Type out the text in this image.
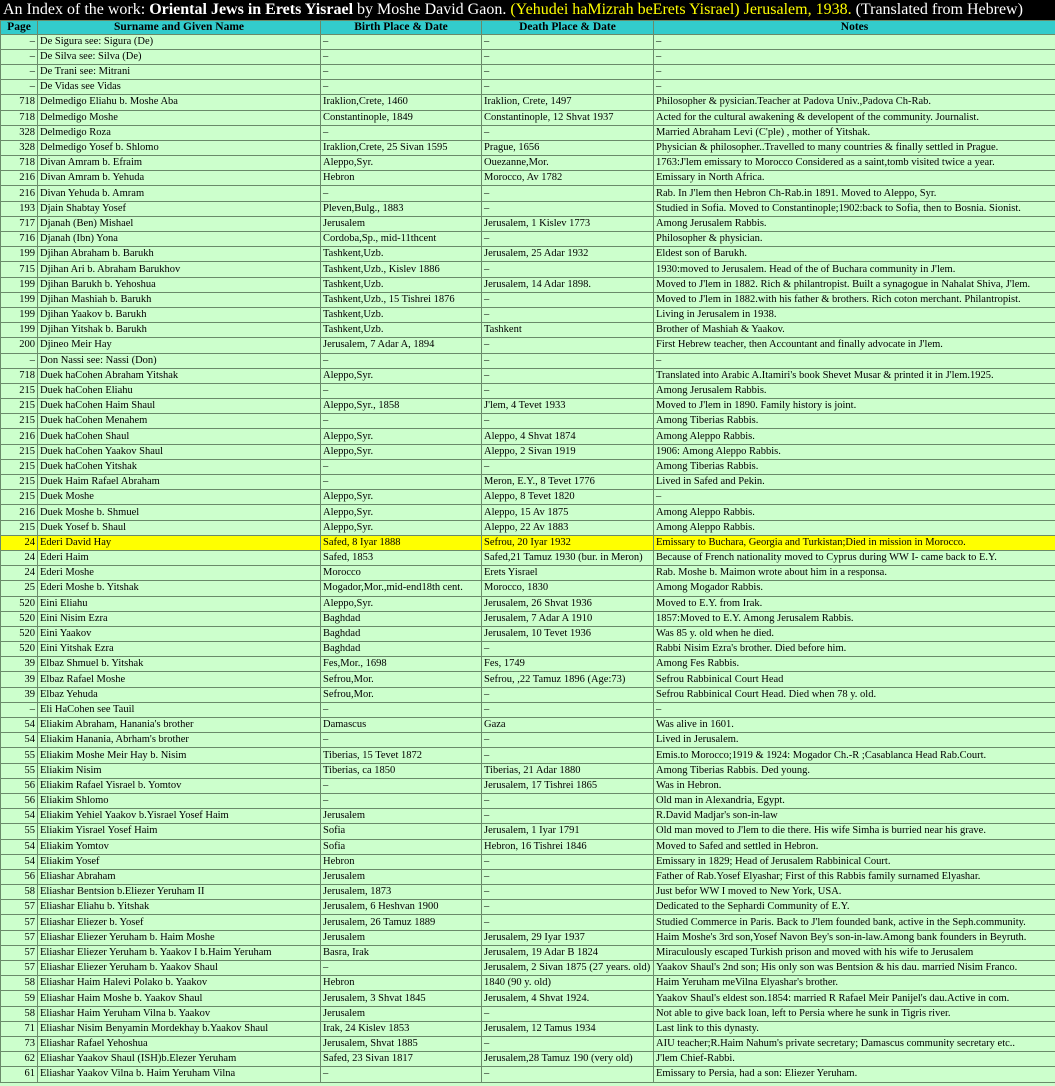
An Index of the work: Oriental Jews in Erets Yisrael by Moshe David Gaon. (Yehudei haMizrah beErets Yisrael) Jerusalem, 1938. (Translated from Hebrew)
Page	Surname and Given Name	Birth Place & Date	Death Place & Date	Notes
–	De Sigura see: Sigura (De)	–	–	–
–	De Silva see: Silva (De)	–	–	–
–	De Trani see: Mitrani	–	–	–
–	De Vidas see Vidas	–	–	–
718	Delmedigo Eliahu b. Moshe Aba	Iraklion,Crete, 1460	Iraklion, Crete, 1497	Philosopher & pysician.Teacher at Padova Univ.,Padova Ch-Rab.
718	Delmedigo Moshe	Constantinople, 1849	Constantinople, 12 Shvat 1937	Acted for the cultural awakening & developent of the community. Journalist.
328	Delmedigo Roza	–	–	Married Abraham Levi (C'ple) , mother of Yitshak.
328	Delmedigo Yosef b. Shlomo	Iraklion,Crete, 25 Sivan 1595	Prague, 1656	Physician & philosopher..Travelled to many countries & finally settled in Prague.
718	Divan Amram b. Efraim	Aleppo,Syr.	Ouezanne,Mor.	1763:J'lem emissary to Morocco Considered as a saint,tomb visited twice a year.
216	Divan Amram b. Yehuda	Hebron	Morocco, Av 1782	Emissary in North Africa.
216	Divan Yehuda b. Amram	–	–	Rab. In J'lem then Hebron Ch-Rab.in 1891. Moved to Aleppo, Syr.
193	Djain Shabtay Yosef	Pleven,Bulg., 1883	–	Studied in Sofia. Moved to Constantinople;1902:back to Sofia, then to Bosnia. Sionist.
717	Djanah (Ben) Mishael	Jerusalem	Jerusalem, 1 Kislev 1773	Among Jerusalem Rabbis.
716	Djanah (Ibn) Yona	Cordoba,Sp., mid-11thcent	–	Philosopher & physician.
199	Djihan Abraham b. Barukh	Tashkent,Uzb.	Jerusalem, 25 Adar 1932	Eldest son of Barukh.
715	Djihan Ari b. Abraham Barukhov	Tashkent,Uzb., Kislev 1886	–	1930:moved to Jerusalem. Head of the of Buchara community in J'lem.
199	Djihan Barukh b. Yehoshua	Tashkent,Uzb.	Jerusalem, 14 Adar 1898.	Moved to J'lem in 1882. Rich & philantropist. Built a synagogue in Nahalat Shiva, J'lem.
199	Djihan Mashiah b. Barukh	Tashkent,Uzb., 15 Tishrei 1876	–	Moved to J'lem in 1882.with his father & brothers. Rich coton merchant. Philantropist.
199	Djihan Yaakov b. Barukh	Tashkent,Uzb.	–	Living in Jerusalem in 1938.
199	Djihan Yitshak b. Barukh	Tashkent,Uzb.	Tashkent	Brother of Mashiah & Yaakov.
200	Djineo Meir Hay	Jerusalem, 7 Adar A, 1894	–	First Hebrew teacher, then Accountant and finally advocate in J'lem.
–	Don Nassi see: Nassi (Don)	–	–	–
718	Duek haCohen Abraham Yitshak	Aleppo,Syr.	–	Translated into Arabic A.Itamiri's book Shevet Musar & printed it in J'lem.1925.
215	Duek haCohen Eliahu	–	–	Among Jerusalem Rabbis.
215	Duek haCohen Haim Shaul	Aleppo,Syr., 1858	J'lem, 4 Tevet 1933	Moved to J'lem in 1890. Family history is joint.
215	Duek haCohen Menahem	–	–	Among Tiberias Rabbis.
216	Duek haCohen Shaul	Aleppo,Syr.	Aleppo, 4 Shvat 1874	Among Aleppo Rabbis.
215	Duek haCohen Yaakov Shaul	Aleppo,Syr.	Aleppo, 2 Sivan 1919	1906: Among Aleppo Rabbis.
215	Duek haCohen Yitshak	–	–	Among Tiberias Rabbis.
215	Duek Haim Rafael Abraham	–	Meron, E.Y., 8 Tevet 1776	Lived in Safed and Pekin.
215	Duek Moshe	Aleppo,Syr.	Aleppo, 8 Tevet 1820	–
216	Duek Moshe b. Shmuel	Aleppo,Syr.	Aleppo, 15 Av 1875	Among Aleppo Rabbis.
215	Duek Yosef b. Shaul	Aleppo,Syr.	Aleppo, 22 Av 1883	Among Aleppo Rabbis.
24	Ederi David Hay	Safed, 8 Iyar 1888	Sefrou, 20 Iyar 1932	Emissary to Buchara, Georgia and Turkistan;Died in mission in Morocco.
24	Ederi Haim	Safed, 1853	Safed,21 Tamuz 1930 (bur. in Meron)	Because of French nationality moved to Cyprus during WW I- came back to E.Y.
24	Ederi Moshe	Morocco	Erets Yisrael	Rab. Moshe b. Maimon wrote about him in a responsa.
25	Ederi Moshe b. Yitshak	Mogador,Mor.,mid-end18th cent.	Morocco, 1830	Among Mogador Rabbis.
520	Eini Eliahu	Aleppo,Syr.	Jerusalem, 26 Shvat 1936	Moved to E.Y. from Irak.
520	Eini Nisim Ezra	Baghdad	Jerusalem, 7 Adar A 1910	1857:Moved to E.Y. Among Jerusalem Rabbis.
520	Eini Yaakov	Baghdad	Jerusalem, 10 Tevet 1936	Was 85 y. old when he died.
520	Eini Yitshak Ezra	Baghdad	–	Rabbi Nisim Ezra's brother. Died before him.
39	Elbaz Shmuel b. Yitshak	Fes,Mor., 1698	Fes, 1749	Among Fes Rabbis.
39	Elbaz Rafael Moshe	Sefrou,Mor.	Sefrou, ,22 Tamuz 1896 (Age:73)	Sefrou Rabbinical Court Head
39	Elbaz Yehuda	Sefrou,Mor.	–	Sefrou Rabbinical Court Head. Died when 78 y. old.
–	Eli HaCohen see Tauil	–	–	–
54	Eliakim Abraham, Hanania's brother	Damascus	Gaza	Was alive in 1601.
54	Eliakim Hanania, Abrham's brother	–	–	Lived in Jerusalem.
55	Eliakim Moshe Meir Hay b. Nisim	Tiberias, 15 Tevet 1872	–	Emis.to Morocco;1919 & 1924: Mogador Ch.-R ;Casablanca Head Rab.Court.
55	Eliakim Nisim	Tiberias, ca 1850	Tiberias, 21 Adar 1880	Among Tiberias Rabbis. Ded young.
56	Eliakim Rafael Yisrael b. Yomtov	–	Jerusalem, 17 Tishrei 1865	Was in Hebron.
56	Eliakim Shlomo	–	–	Old man in Alexandria, Egypt.
54	Eliakim Yehiel Yaakov b.Yisrael Yosef Haim	Jerusalem	–	R.David Madjar's son-in-law
55	Eliakim Yisrael Yosef Haim	Sofia	Jerusalem, 1 Iyar 1791	Old man moved to J'lem to die there. His wife Simha is burried near his grave.
54	Eliakim Yomtov	Sofia	Hebron, 16 Tishrei 1846	Moved to Safed and settled in Hebron.
54	Eliakim Yosef	Hebron	–	Emissary in 1829; Head of Jerusalem Rabbinical Court.
56	Eliashar Abraham	Jerusalem	–	Father of Rab.Yosef Elyashar; First of this Rabbis family surnamed Elyashar.
58	Eliashar Bentsion b.Eliezer Yeruham II	Jerusalem, 1873	–	Just befor WW I moved to New York, USA.
57	Eliashar Eliahu b. Yitshak	Jerusalem, 6 Heshvan 1900	–	Dedicated to the Sephardi Community of E.Y.
57	Eliashar Eliezer b. Yosef	Jerusalem, 26 Tamuz 1889	–	Studied Commerce in Paris. Back to J'lem founded bank, active in the Seph.community.
57	Eliashar Eliezer Yeruham b. Haim Moshe	Jerusalem	Jerusalem, 29 Iyar 1937	Haim Moshe's 3rd son,Yosef Navon Bey's son-in-law.Among bank founders in Beyruth.
57	Eliashar Eliezer Yeruham b. Yaakov I b.Haim Yeruham	Basra, Irak	Jerusalem, 19 Adar B 1824	Miraculously escaped Turkish prison and moved with his wife to Jerusalem
57	Eliashar Eliezer Yeruham b. Yaakov Shaul	–	Jerusalem, 2 Sivan 1875 (27 years. old)	Yaakov Shaul's 2nd son; His only son was Bentsion & his dau. married Nisim Franco.
58	Eliashar Haim Halevi Polako b. Yaakov	Hebron	1840 (90 y. old)	Haim Yeruham meVilna Elyashar's brother.
59	Eliashar Haim Moshe b. Yaakov Shaul	Jerusalem, 3 Shvat 1845	Jerusalem, 4 Shvat 1924.	Yaakov Shaul's eldest son.1854: married R Rafael Meir Panijel's dau.Active in com.
58	Eliashar Haim Yeruham Vilna b. Yaakov	Jerusalem	–	Not able to give back loan, left to Persia where he sunk in Tigris river.
71	Eliashar Nisim Benyamin Mordekhay b.Yaakov Shaul	Irak, 24 Kislev 1853	Jerusalem, 12 Tamus 1934	Last link to this dynasty.
73	Eliashar Rafael Yehoshua	Jerusalem, Shvat 1885	–	AIU teacher;R.Haim Nahum's private secretary; Damascus community secretary etc..
62	Eliashar Yaakov Shaul (ISH)b.Elezer Yeruham	Safed, 23 Sivan 1817	Jerusalem,28 Tamuz 190 (very old)	J'lem Chief-Rabbi.
61	Eliashar Yaakov Vilna b. Haim Yeruham Vilna	–	–	Emissary to Persia, had a son: Eliezer Yeruham.
